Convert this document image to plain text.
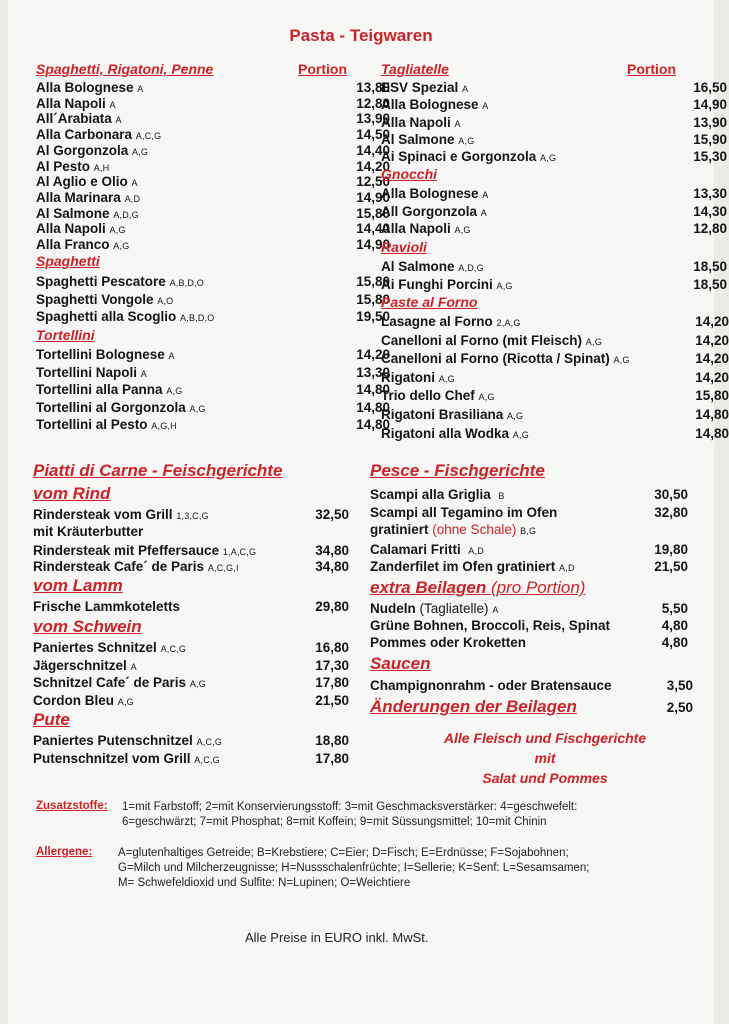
Pasta - Teigwaren
Spaghetti, Rigatoni, Penne	Portion
Alla Bolognese A	13,80
Alla Napoli A	12,80
All´Arabiata A	13,90
Alla Carbonara A,C,G	14,50
Al Gorgonzola A,G	14,40
Al Pesto A,H	14,20
Al Aglio e Olio A	12,50
Alla Marinara A,D	14,90
Al Salmone A,D,G	15,80
Alla Napoli A,G	14,40
Alla Franco A,G	14,90
Spaghetti
Spaghetti Pescatore A,B,D,O	15,80
Spaghetti Vongole A,O	15,80
Spaghetti alla Scoglio A,B,D,O	19,50
Tortellini
Tortellini Bolognese A	14,20
Tortellini Napoli A	13,30
Tortellini alla Panna A,G	14,80
Tortellini al Gorgonzola A,G	14,80
Tortellini al Pesto A,G,H	14,80
Tagliatelle	Portion
ESV Spezial A	16,50
Alla Bolognese A	14,90
Alla Napoli A	13,90
Al Salmone A,G	15,90
Ai Spinaci e Gorgonzola A,G	15,30
Gnocchi
Alla Bolognese A	13,30
All Gorgonzola A	14,30
Alla Napoli A,G	12,80
Ravioli
Al Salmone A,D,G	18,50
Ai Funghi Porcini A,G	18,50
Paste al Forno
Lasagne al Forno 2,A,G	14,20
Canelloni al Forno (mit Fleisch) A,G	14,20
Canelloni al Forno (Ricotta / Spinat) A,G	14,20
Rigatoni A,G	14,20
Trio dello Chef A,G	15,80
Rigatoni Brasiliana A,G	14,80
Rigatoni alla Wodka A,G	14,80
Piatti di Carne - Feischgerichte
vom Rind
Rindersteak vom Grill 1,3,C,G	32,50
mit Kräuterbutter
Rindersteak mit Pfeffersauce 1,A,C,G	34,80
Rindersteak Cafe´ de Paris A,C,G,I	34,80
vom Lamm
Frische Lammkoteletts	29,80
vom Schwein
Paniertes Schnitzel A,C,G	16,80
Jägerschnitzel A	17,30
Schnitzel Cafe´ de Paris A,G	17,80
Cordon Bleu A,G	21,50
Pute
Paniertes Putenschnitzel A,C,G	18,80
Putenschnitzel vom Grill A,C,G	17,80
Pesce - Fischgerichte
Scampi alla Griglia B	30,50
Scampi all Tegamino im Ofen	32,80
gratiniert (ohne Schale) B,G
Calamari Fritti A,D	19,80
Zanderfilet im Ofen gratiniert A,D	21,50
extra Beilagen (pro Portion)
Nudeln (Tagliatelle) A	5,50
Grüne Bohnen, Broccoli, Reis, Spinat	4,80
Pommes oder Kroketten	4,80
Saucen
Champignonrahm - oder Bratensauce	3,50
Änderungen der Beilagen	2,50
Alle Fleisch und Fischgerichte
mit
Salat und Pommes
Zusatzstoffe: 1=mit Farbstoff; 2=mit Konservierungsstoff: 3=mit Geschmacksverstärker: 4=geschwefelt:
6=geschwärzt; 7=mit Phosphat; 8=mit Koffein; 9=mit Süssungsmittel; 10=mit Chinin
Allergene: A=glutenhaltiges Getreide; B=Krebstiere; C=Eier; D=Fisch; E=Erdnüsse; F=Sojabohnen;
G=Milch und Milcherzeugnisse; H=Nussschalenfrüchte; I=Sellerie; K=Senf: L=Sesamsamen;
M= Schwefeldioxid und Sulfite: N=Lupinen; O=Weichtiere
Alle Preise in EURO inkl. MwSt.
